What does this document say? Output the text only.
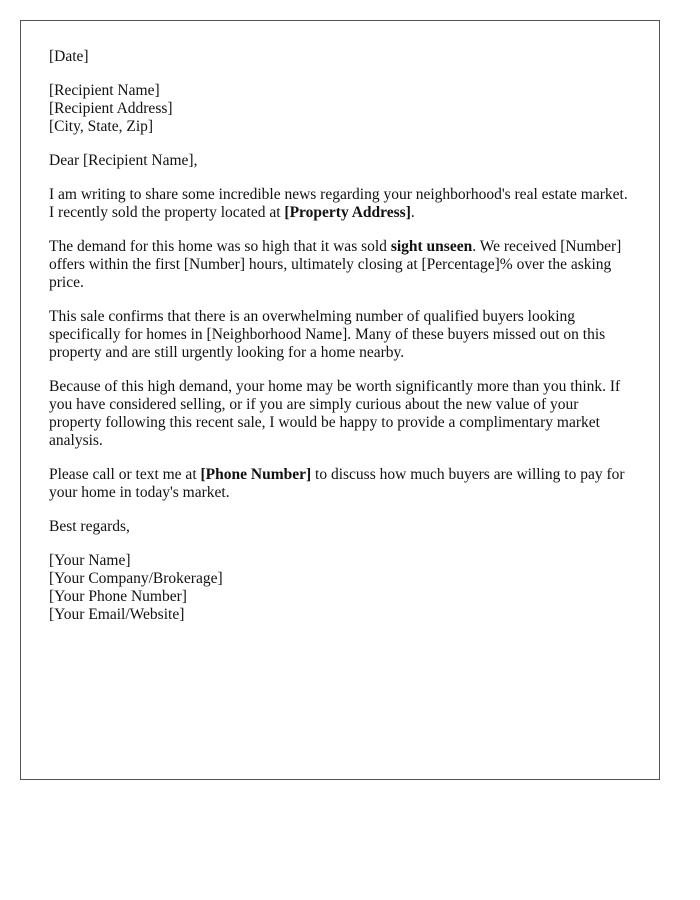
[Date]

[Recipient Name]
[Recipient Address]
[City, State, Zip]

Dear [Recipient Name],

I am writing to share some incredible news regarding your neighborhood's real estate market. I recently sold the property located at [Property Address].

The demand for this home was so high that it was sold sight unseen. We received [Number] offers within the first [Number] hours, ultimately closing at [Percentage]% over the asking price.

This sale confirms that there is an overwhelming number of qualified buyers looking specifically for homes in [Neighborhood Name]. Many of these buyers missed out on this property and are still urgently looking for a home nearby.

Because of this high demand, your home may be worth significantly more than you think. If you have considered selling, or if you are simply curious about the new value of your property following this recent sale, I would be happy to provide a complimentary market analysis.

Please call or text me at [Phone Number] to discuss how much buyers are willing to pay for your home in today's market.

Best regards,

[Your Name]
[Your Company/Brokerage]
[Your Phone Number]
[Your Email/Website]
